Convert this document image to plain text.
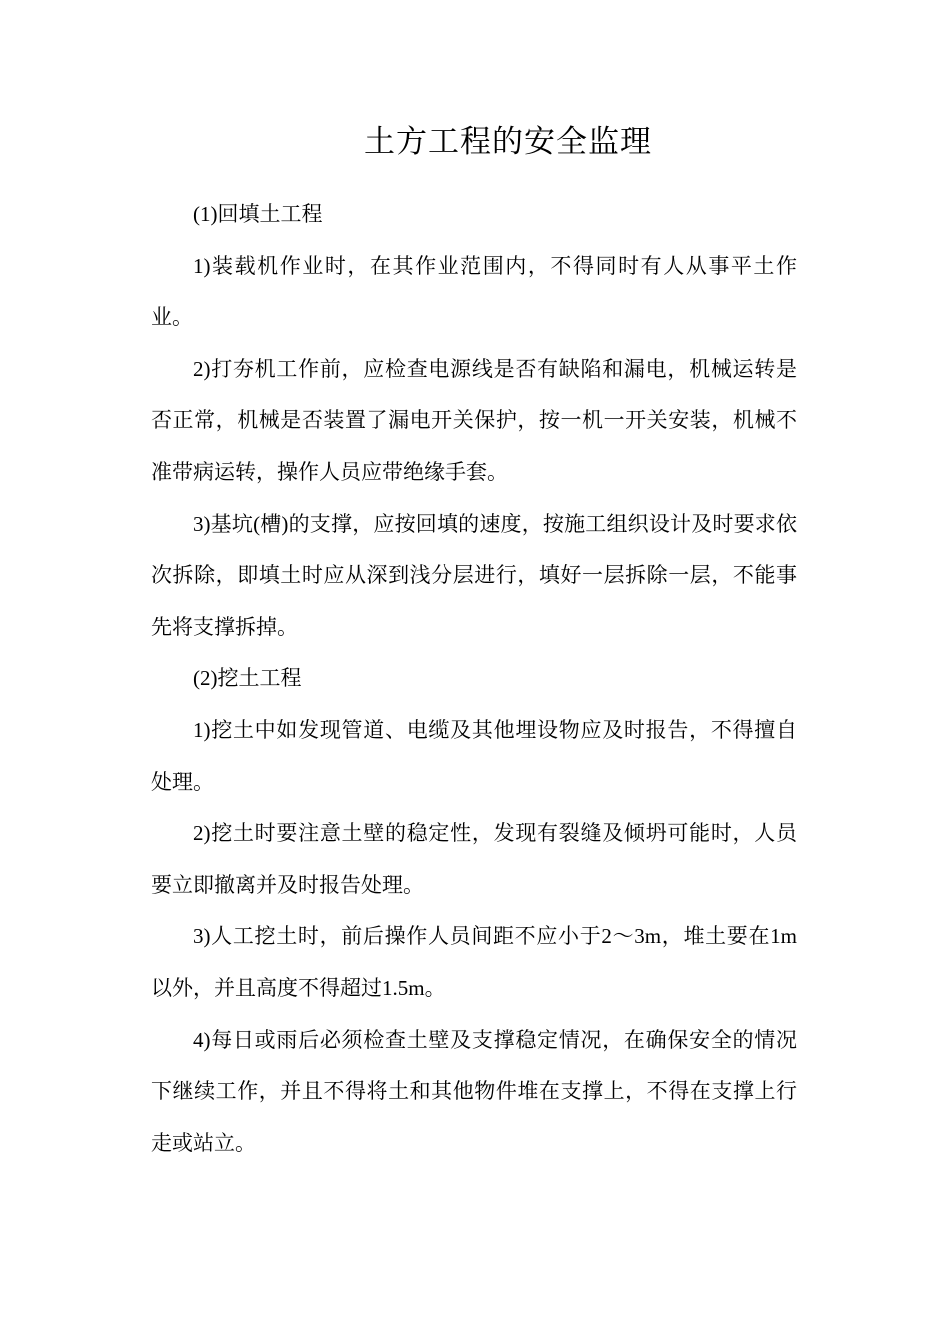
土方工程的安全监理

(1)回填土工程

1)装载机作业时，在其作业范围内，不得同时有人从事平土作业。

2)打夯机工作前，应检查电源线是否有缺陷和漏电，机械运转是否正常，机械是否装置了漏电开关保护，按一机一开关安装，机械不准带病运转，操作人员应带绝缘手套。

3)基坑(槽)的支撑，应按回填的速度，按施工组织设计及时要求依次拆除，即填土时应从深到浅分层进行，填好一层拆除一层，不能事先将支撑拆掉。

(2)挖土工程

1)挖土中如发现管道、电缆及其他埋设物应及时报告，不得擅自处理。

2)挖土时要注意土壁的稳定性，发现有裂缝及倾坍可能时，人员要立即撤离并及时报告处理。

3)人工挖土时，前后操作人员间距不应小于2～3m，堆土要在1m以外，并且高度不得超过1.5m。

4)每日或雨后必须检查土壁及支撑稳定情况，在确保安全的情况下继续工作，并且不得将土和其他物件堆在支撑上，不得在支撑上行走或站立。
